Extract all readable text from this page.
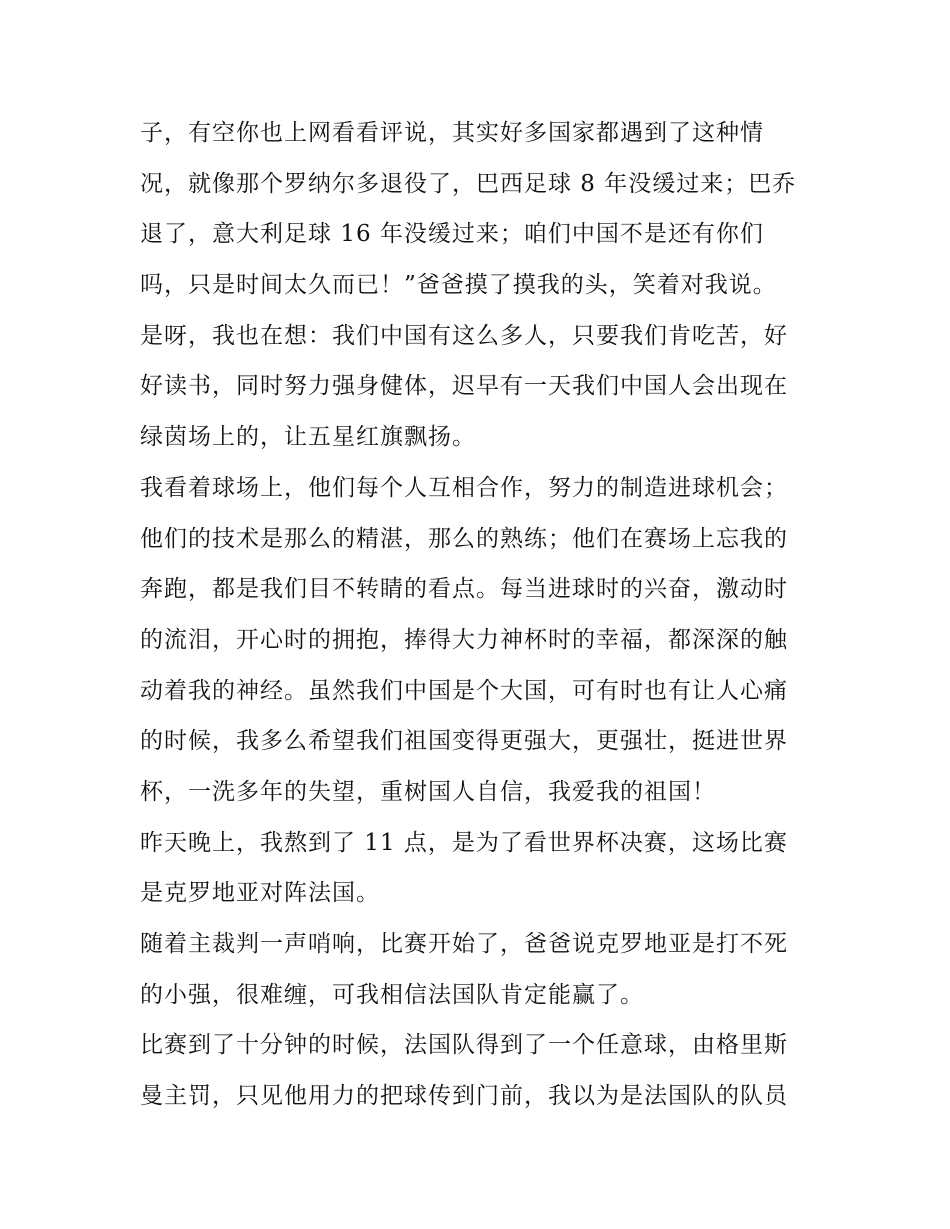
子，有空你也上网看看评说，其实好多国家都遇到了这种情
况，就像那个罗纳尔多退役了，巴西足球 8 年没缓过来；巴乔
退了，意大利足球 16 年没缓过来；咱们中国不是还有你们
吗，只是时间太久而已！”爸爸摸了摸我的头，笑着对我说。
是呀，我也在想：我们中国有这么多人，只要我们肯吃苦，好
好读书，同时努力强身健体，迟早有一天我们中国人会出现在
绿茵场上的，让五星红旗飘扬。
我看着球场上，他们每个人互相合作，努力的制造进球机会；
他们的技术是那么的精湛，那么的熟练；他们在赛场上忘我的
奔跑，都是我们目不转睛的看点。每当进球时的兴奋，激动时
的流泪，开心时的拥抱，捧得大力神杯时的幸福，都深深的触
动着我的神经。虽然我们中国是个大国，可有时也有让人心痛
的时候，我多么希望我们祖国变得更强大，更强壮，挺进世界
杯，一洗多年的失望，重树国人自信，我爱我的祖国！
昨天晚上，我熬到了 11 点，是为了看世界杯决赛，这场比赛
是克罗地亚对阵法国。
随着主裁判一声哨响，比赛开始了，爸爸说克罗地亚是打不死
的小强，很难缠，可我相信法国队肯定能赢了。
比赛到了十分钟的时候，法国队得到了一个任意球，由格里斯
曼主罚，只见他用力的把球传到门前，我以为是法国队的队员
